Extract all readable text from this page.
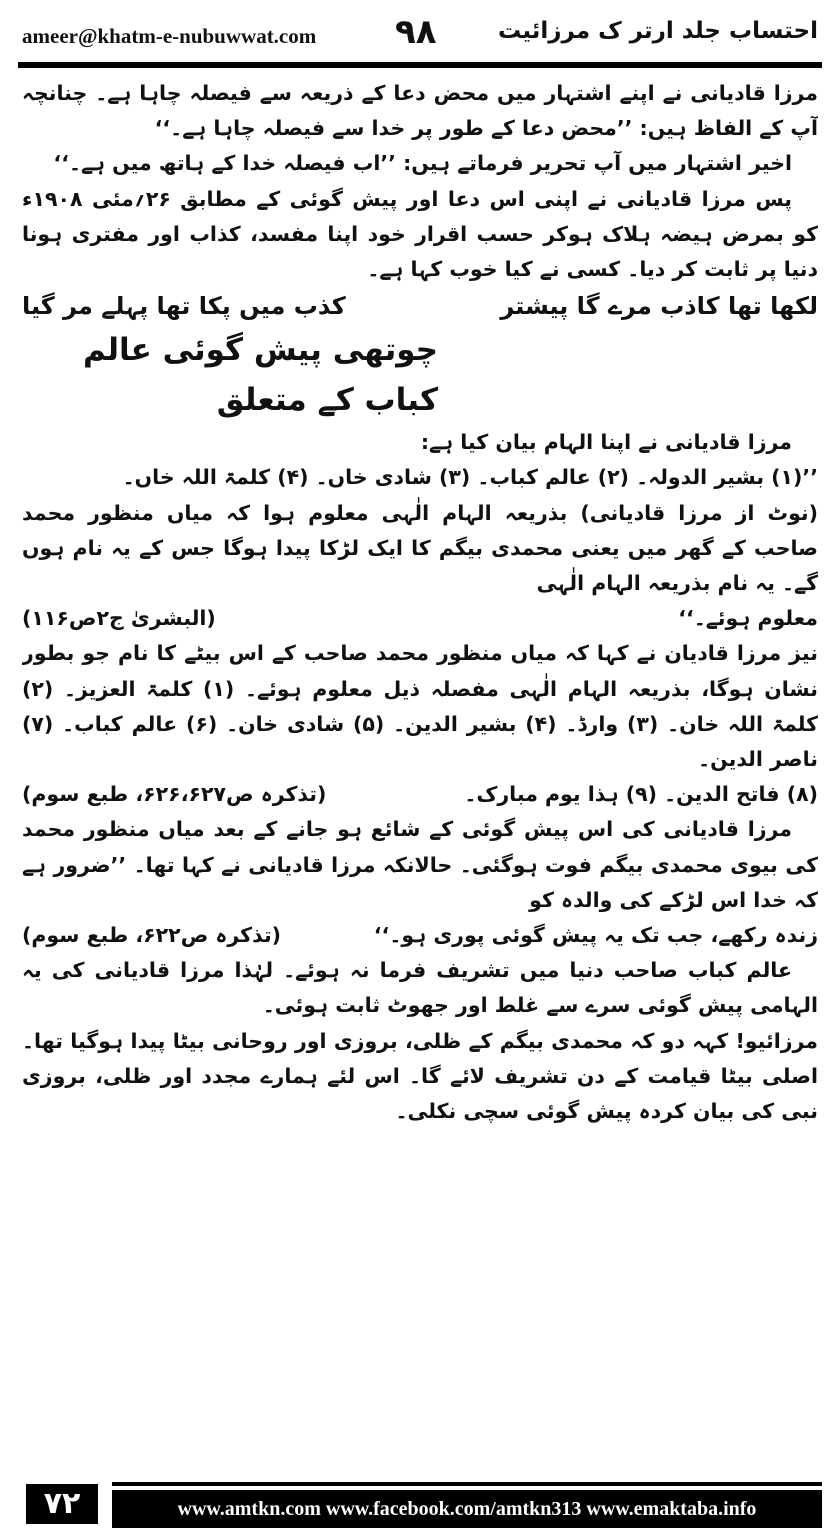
ameer@khatm-e-nubuwwat.com ۹۸	احتساب جلد ارتر ک مرزائیت

مرزا قادیانی نے اپنے اشتہار میں محض دعا کے ذریعہ سے فیصلہ چاہا ہے۔ چنانچہ آپ کے الفاظ ہیں: ’’محض دعا کے طور پر خدا سے فیصلہ چاہا ہے۔‘‘

اخیر اشتہار میں آپ تحریر فرماتے ہیں: ’’اب فیصلہ خدا کے ہاتھ میں ہے۔‘‘

پس مرزا قادیانی نے اپنی اس دعا اور پیش گوئی کے مطابق ۲۶؍مئی ۱۹۰۸ء کو بمرض ہیضہ ہلاک ہوکر حسب اقرار خود اپنا مفسد، کذاب اور مفتری ہونا دنیا پر ثابت کر دیا۔ کسی نے کیا خوب کہا ہے۔

لکھا تھا کاذب مرے گا پیشتر
کذب میں پکا تھا پہلے مر گیا
چوتھی پیش گوئی عالم کباب کے متعلق

مرزا قادیانی نے اپنا الہام بیان کیا ہے:

’’(۱) بشیر الدولہ۔ (۲) عالم کباب۔ (۳) شادی خاں۔ (۴) کلمۃ اللہ خاں۔

(نوٹ از مرزا قادیانی) بذریعہ الہام الٰہی معلوم ہوا کہ میاں منظور محمد صاحب کے گھر میں یعنی محمدی بیگم کا ایک لڑکا پیدا ہوگا جس کے یہ نام ہوں گے۔ یہ نام بذریعہ الہام الٰہی

معلوم ہوئے۔‘‘
(البشریٰ ج۲ص۱۱۶)

نیز مرزا قادیان نے کہا کہ میاں منظور محمد صاحب کے اس بیٹے کا نام جو بطور نشان ہوگا، بذریعہ الہام الٰہی مفصلہ ذیل معلوم ہوئے۔ (۱) کلمۃ العزیز۔ (۲) کلمۃ اللہ خان۔ (۳) وارڈ۔ (۴) بشیر الدین۔ (۵) شادی خان۔ (۶) عالم کباب۔ (۷) ناصر الدین۔

(۸) فاتح الدین۔ (۹) ہذا یوم مبارک۔
(تذکرہ ص۶۲۶،۶۲۷، طبع سوم)

مرزا قادیانی کی اس پیش گوئی کے شائع ہو جانے کے بعد میاں منظور محمد کی بیوی محمدی بیگم فوت ہوگئی۔ حالانکہ مرزا قادیانی نے کہا تھا۔ ’’ضرور ہے کہ خدا اس لڑکے کی والدہ کو

زندہ رکھے، جب تک یہ پیش گوئی پوری ہو۔‘‘
(تذکرہ ص۶۲۲، طبع سوم)

عالم کباب صاحب دنیا میں تشریف فرما نہ ہوئے۔ لہٰذا مرزا قادیانی کی یہ الہامی پیش گوئی سرے سے غلط اور جھوٹ ثابت ہوئی۔

مرزائیو! کہہ دو کہ محمدی بیگم کے ظلی، بروزی اور روحانی بیٹا پیدا ہوگیا تھا۔ اصلی بیٹا قیامت کے دن تشریف لائے گا۔ اس لئے ہمارے مجدد اور ظلی، بروزی نبی کی بیان کردہ پیش گوئی سچی نکلی۔

۷۲	www.amtkn.com www.facebook.com/amtkn313 www.emaktaba.info
